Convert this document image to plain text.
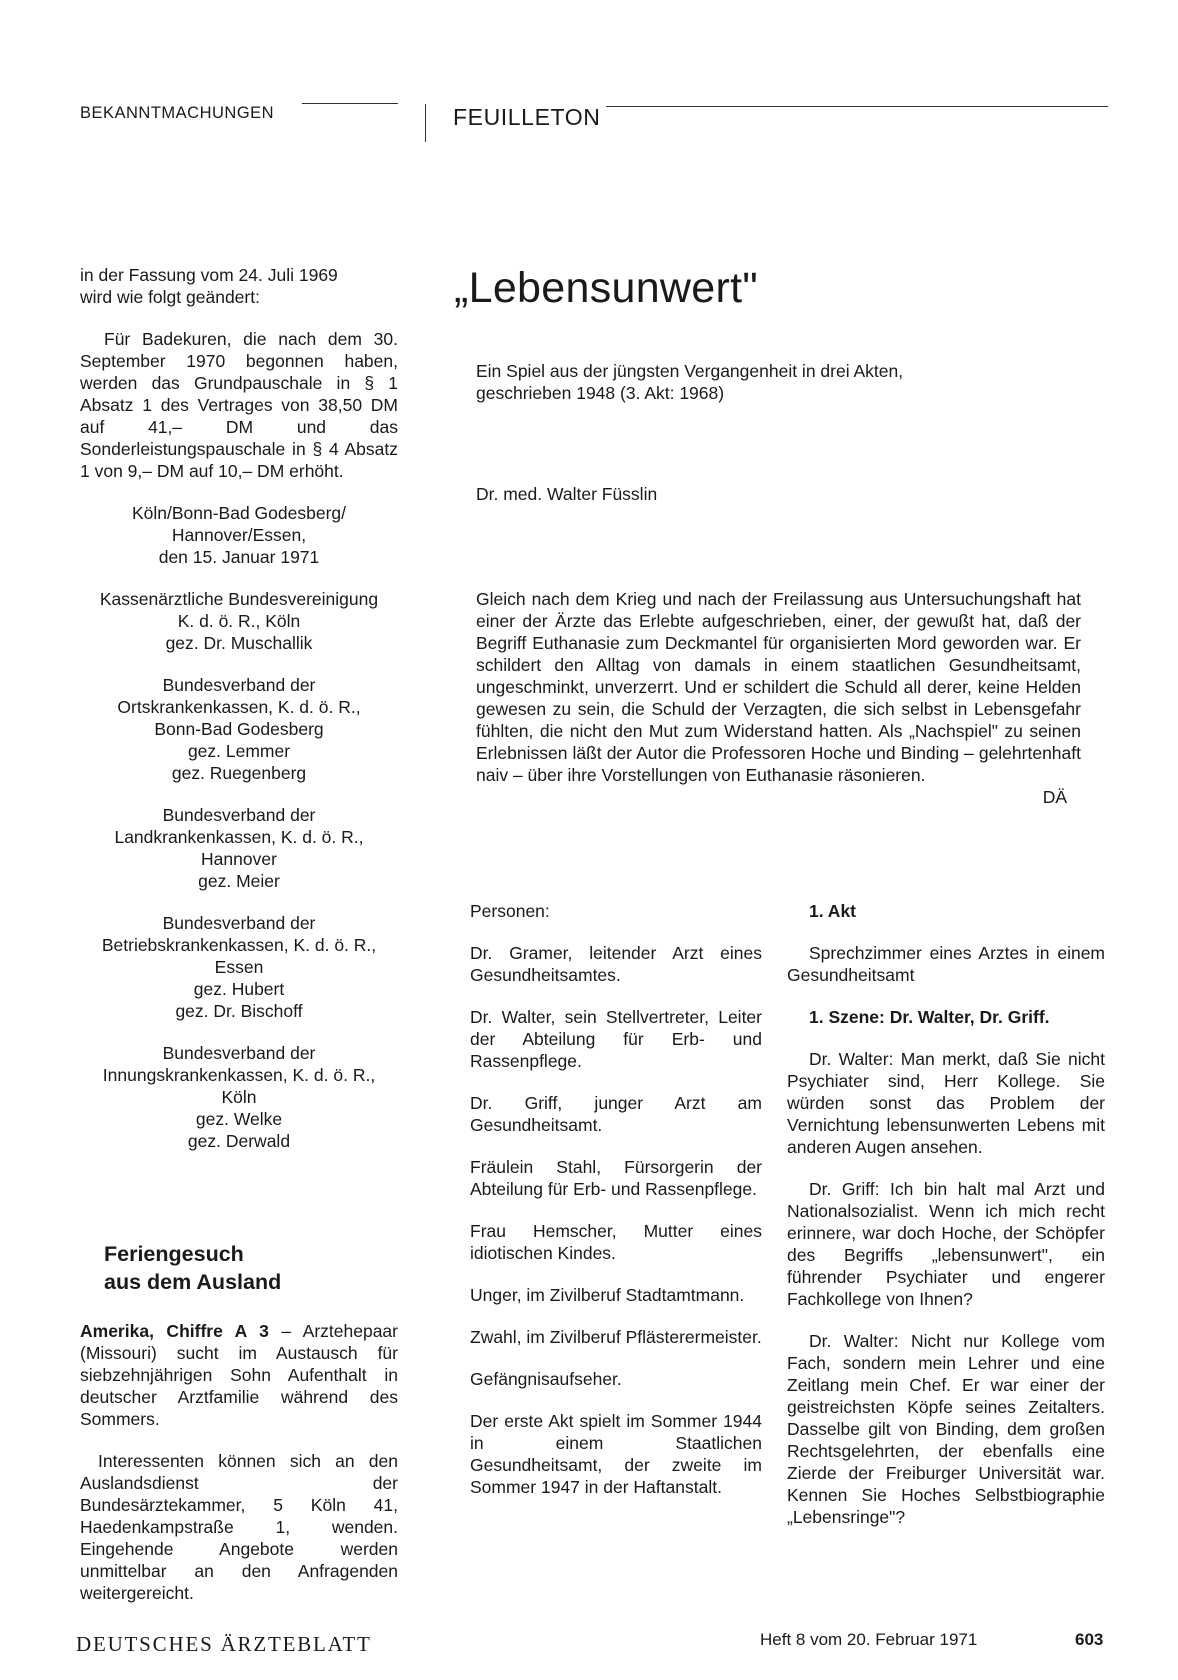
BEKANNTMACHUNGEN	FEUILLETON

in der Fassung vom 24. Juli 1969

wird wie folgt geändert:

Für Badekuren, die nach dem 30. September 1970 begonnen haben, werden das Grundpauschale in § 1 Absatz 1 des Vertrages von 38,50 DM auf 41,– DM und das Sonderleistungspauschale in § 4 Absatz 1 von 9,– DM auf 10,– DM erhöht.

Köln/Bonn-Bad Godesberg/

Hannover/Essen,

den 15. Januar 1971

Kassenärztliche Bundesvereinigung

K. d. ö. R., Köln

gez. Dr. Muschallik

Bundesverband der

Ortskrankenkassen, K. d. ö. R.,

Bonn-Bad Godesberg

gez. Lemmer

gez. Ruegenberg

Bundesverband der

Landkrankenkassen, K. d. ö. R.,

Hannover

gez. Meier

Bundesverband der

Betriebskrankenkassen, K. d. ö. R.,

Essen

gez. Hubert

gez. Dr. Bischoff

Bundesverband der

Innungskrankenkassen, K. d. ö. R.,

Köln

gez. Welke

gez. Derwald

Feriengesuch
aus dem Ausland

Amerika, Chiffre A 3 – Arztehepaar (Missouri) sucht im Austausch für siebzehnjährigen Sohn Aufenthalt in deutscher Arztfamilie während des Sommers.

Interessenten können sich an den Auslandsdienst der Bundesärztekammer, 5 Köln 41, Haedenkampstraße 1, wenden. Eingehende Angebote werden unmittelbar an den Anfragenden weitergereicht.

„Lebensunwert"
Ein Spiel aus der jüngsten Vergangenheit in drei Akten,
geschrieben 1948 (3. Akt: 1968)
Dr. med. Walter Füsslin

Gleich nach dem Krieg und nach der Freilassung aus Untersuchungshaft hat einer der Ärzte das Erlebte aufgeschrieben, einer, der gewußt hat, daß der Begriff Euthanasie zum Deckmantel für organisierten Mord geworden war. Er schildert den Alltag von damals in einem staatlichen Gesundheitsamt, ungeschminkt, unverzerrt. Und er schildert die Schuld all derer, keine Helden gewesen zu sein, die Schuld der Verzagten, die sich selbst in Lebensgefahr fühlten, die nicht den Mut zum Widerstand hatten. Als „Nachspiel" zu seinen Erlebnissen läßt der Autor die Professoren Hoche und Binding – gelehrtenhaft naiv – über ihre Vorstellungen von Euthanasie räsonieren.

DÄ

Personen:

Dr. Gramer, leitender Arzt eines Gesundheitsamtes.

Dr. Walter, sein Stellvertreter, Leiter der Abteilung für Erb- und Rassenpflege.

Dr. Griff, junger Arzt am Gesundheitsamt.

Fräulein Stahl, Fürsorgerin der Abteilung für Erb- und Rassenpflege.

Frau Hemscher, Mutter eines idiotischen Kindes.

Unger, im Zivilberuf Stadtamtmann.

Zwahl, im Zivilberuf Pflästerermeister.

Gefängnisaufseher.

Der erste Akt spielt im Sommer 1944 in einem Staatlichen Gesundheitsamt, der zweite im Sommer 1947 in der Haftanstalt.

1. Akt

Sprechzimmer eines Arztes in einem Gesundheitsamt

1. Szene: Dr. Walter, Dr. Griff.

Dr. Walter: Man merkt, daß Sie nicht Psychiater sind, Herr Kollege. Sie würden sonst das Problem der Vernichtung lebensunwerten Lebens mit anderen Augen ansehen.

Dr. Griff: Ich bin halt mal Arzt und Nationalsozialist. Wenn ich mich recht erinnere, war doch Hoche, der Schöpfer des Begriffs „lebensunwert", ein führender Psychiater und engerer Fachkollege von Ihnen?

Dr. Walter: Nicht nur Kollege vom Fach, sondern mein Lehrer und eine Zeitlang mein Chef. Er war einer der geistreichsten Köpfe seines Zeitalters. Dasselbe gilt von Binding, dem großen Rechtsgelehrten, der ebenfalls eine Zierde der Freiburger Universität war. Kennen Sie Hoches Selbstbiographie „Lebensringe"?

DEUTSCHES ÄRZTEBLATT	Heft 8 vom 20. Februar 1971	603
